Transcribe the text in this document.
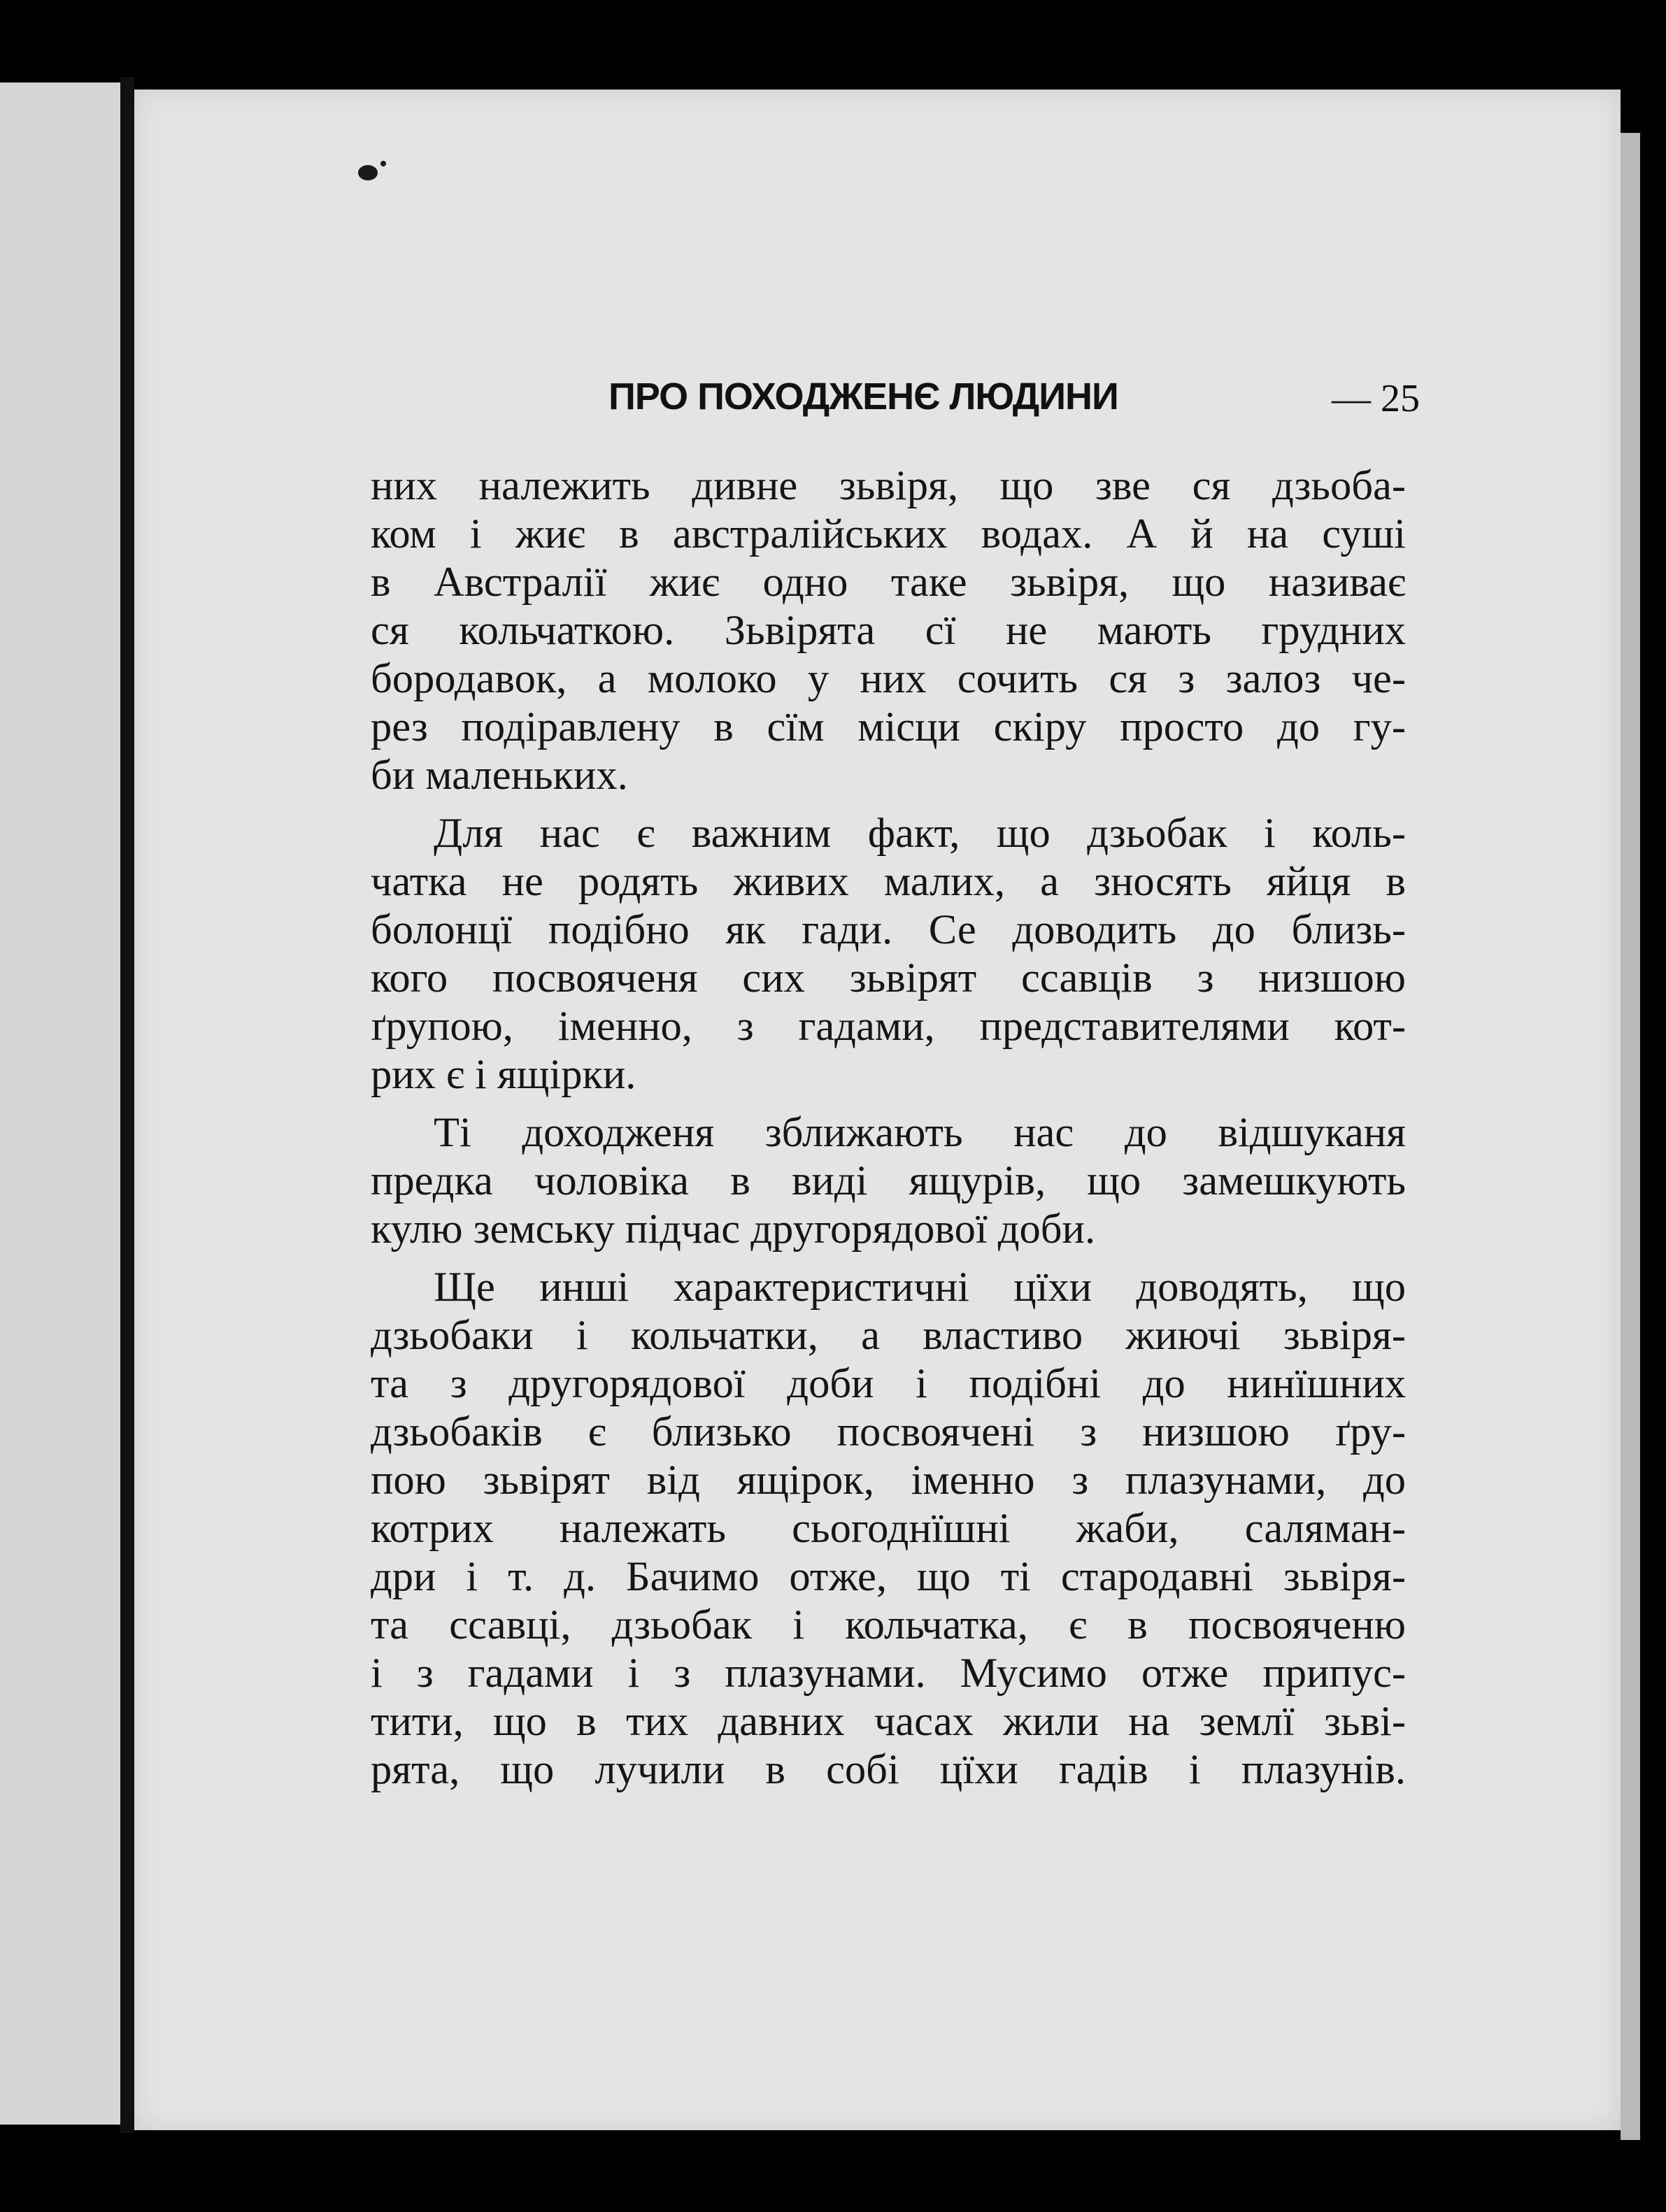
ПРО ПОХОДЖЕНЄ ЛЮДИНИ	— 25
них належить дивне зьвіря, що зве ся дзьоба-
ком і жиє в австралійських водах. А й на суші
в Австралії жиє одно таке зьвіря, що називає
ся кольчаткою. Зьвірята сї не мають грудних
бородавок, а молоко у них сочить ся з залоз че-
рез подіравлену в сїм місци скіру просто до гу-
би маленьких.
Для нас є важним факт, що дзьобак і коль-
чатка не родять живих малих, а зносять яйця в
болонцї подібно як гади. Се доводить до близь-
кого посвояченя сих зьвірят ссавців з низшою
ґрупою, іменно, з гадами, представителями кот-
рих є і ящірки.
Ті доходженя зближають нас до відшуканя
предка чоловіка в виді ящурів, що замешкують
кулю земську підчас другорядової доби.
Ще инші характеристичні цїхи доводять, що
дзьобаки і кольчатки, а властиво жиючі зьвіря-
та з другорядової доби і подібні до нинїшних
дзьобаків є близько посвоячені з низшою ґру-
пою зьвірят від ящірок, іменно з плазунами, до
котрих належать сьогоднїшні жаби, саляман-
дри і т. д. Бачимо отже, що ті стародавні зьвіря-
та ссавці, дзьобак і кольчатка, є в посвояченю
і з гадами і з плазунами. Мусимо отже припус-
тити, що в тих давних часах жили на землї зьві-
рята, що лучили в собі цїхи гадів і плазунів.
